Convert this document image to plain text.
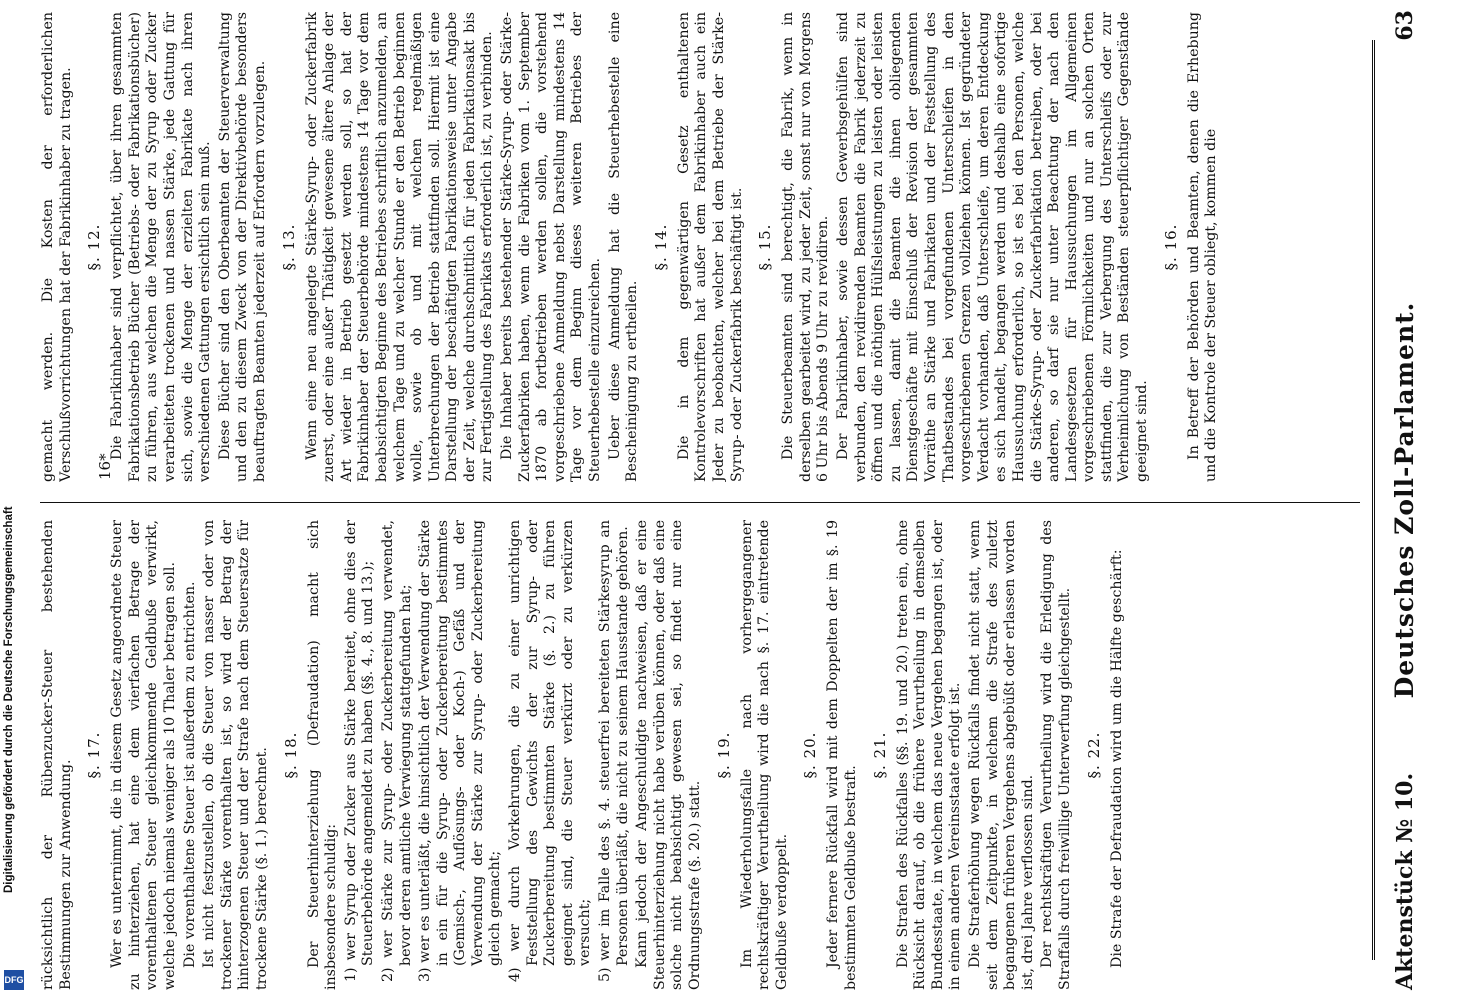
Aktenstück № 10.
Deutsches Zoll-Parlament.
63

rücksichtlich der Rübenzucker-Steuer bestehenden Bestimmungen zur Anwendung.

§. 17. Wer es unternimmt, die in diesem Gesetz angeordnete Steuer zu hinterziehen, hat eine dem vierfachen Betrage der vorenthaltenen Steuer gleichkommende Geldbuße verwirkt, welche jedoch niemals weniger als 10 Thaler betragen soll. Die vorenthaltene Steuer ist außerdem zu entrichten. Ist nicht festzustellen, ob die Steuer von nasser oder von trockener Stärke vorenthalten ist, so wird der Betrag der hinterzogenen Steuer und der Strafe nach dem Steuersatze für trockene Stärke (§. 1.) berechnet. §. 18. Der Steuerhinterziehung (Defraudation) macht sich insbesondere schuldig: 1) wer Syrup oder Zucker aus Stärke bereitet, ohne dies der Steuerbehörde angemeldet zu haben (§§. 4., 8. und 13.); 2) wer Stärke zur Syrup- oder Zuckerbereitung verwendet, bevor deren amtliche Verwiegung stattgefunden hat; 3) wer es unterläßt, die hinsichtlich der Verwendung der Stärke in ein für die Syrup- oder Zuckerbereitung bestimmtes (Gemisch-, Auflösungs- oder Koch-) Gefäß und der Verwendung der Stärke zur Syrup- oder Zuckerbereitung gleich gemacht; 4) wer durch Vorkehrungen, die zu einer unrichtigen Feststellung des Gewichts der zur Syrup- oder Zuckerbereitung bestimmten Stärke (§. 2.) zu führen geeignet sind, die Steuer verkürzt oder zu verkürzen versucht; 5) wer im Falle des §. 4. steuerfrei bereiteten Stärkesyrup an Personen überläßt, die nicht zu seinem Hausstande gehören. Kann jedoch der Angeschuldigte nachweisen, daß er eine Steuerhinterziehung nicht habe verüben können, oder daß eine solche nicht beabsichtigt gewesen sei, so findet nur eine Ordnungsstrafe (§. 20.) statt.

§. 19. Im Wiederholungsfalle nach vorhergegangener rechtskräftiger Verurtheilung wird die nach §. 17. eintretende Geldbuße verdoppelt.

§. 20. Jeder fernere Rückfall wird mit dem Doppelten der im §. 19 bestimmten Geldbuße bestraft.

§. 21. Die Strafen des Rückfalles (§§. 19. und 20.) treten ein, ohne Rücksicht darauf, ob die frühere Verurtheilung in demselben Bundesstaate, in welchem das neue Vergehen begangen ist, oder in einem anderen Vereinsstaate erfolgt ist. Die Straferhöhung wegen Rückfalls findet nicht statt, wenn seit dem Zeitpunkte, in welchem die Strafe des zuletzt begangenen früheren Vergehens abgebüßt oder erlassen worden ist, drei Jahre verflossen sind. Der rechtskräftigen Verurtheilung wird die Erledigung des Straffalls durch freiwillige Unterwerfung gleichgestellt. §. 22. Die Strafe der Defraudation wird um die Hälfte geschärft:

gemacht werden. Die Kosten der erforderlichen Verschlußvorrichtungen hat der Fabrikinhaber zu tragen. §. 12. Die Fabrikinhaber sind verpflichtet, über ihren gesammten Fabrikationsbetrieb Bücher (Betriebs- oder Fabrikationsbücher) zu führen, aus welchen die Menge der zu Syrup oder Zucker verarbeiteten trockenen und nassen Stärke, jede Gattung für sich, sowie die Menge der erzielten Fabrikate nach ihren verschiedenen Gattungen ersichtlich sein muß. Diese Bücher sind den Oberbeamten der Steuerverwaltung und den zu diesem Zweck von der Direktivbehörde besonders beauftragten Beamten jederzeit auf Erfordern vorzulegen. §. 13. Wenn eine neu angelegte Stärke-Syrup- oder Zuckerfabrik zuerst, oder eine außer Thätigkeit gewesene ältere Anlage der Art wieder in Betrieb gesetzt werden soll, so hat der Fabrikinhaber der Steuerbehörde mindestens 14 Tage vor dem beabsichtigten Beginne des Betriebes schriftlich anzumelden, an welchem Tage und zu welcher Stunde er den Betrieb beginnen wolle, sowie ob und mit welchen regelmäßigen Unterbrechungen der Betrieb stattfinden soll. Hiermit ist eine Darstellung der beschäftigten Fabrikationsweise unter Angabe der Zeit, welche durchschnittlich für jeden Fabrikationsakt bis zur Fertigstellung des Fabrikats erforderlich ist, zu verbinden. Die Inhaber bereits bestehender Stärke-Syrup- oder Stärke-Zuckerfabriken haben, wenn die Fabriken vom 1. September 1870 ab fortbetrieben werden sollen, die vorstehend vorgeschriebene Anmeldung nebst Darstellung mindestens 14 Tage vor dem Beginn dieses weiteren Betriebes der Steuerhebestelle einzureichen. Ueber diese Anmeldung hat die Steuerhebestelle eine Bescheinigung zu ertheilen.

§. 14. Die in dem gegenwärtigen Gesetz enthaltenen Kontrolevorschriften hat außer dem Fabrikinhaber auch ein Jeder zu beobachten, welcher bei dem Betriebe der Stärke-Syrup- oder Zuckerfabrik beschäftigt ist. §. 15. Die Steuerbeamten sind berechtigt, die Fabrik, wenn in derselben gearbeitet wird, zu jeder Zeit, sonst nur von Morgens 6 Uhr bis Abends 9 Uhr zu revidiren. Der Fabrikinhaber, sowie dessen Gewerbsgehülfen sind verbunden, den revidirenden Beamten die Fabrik jederzeit zu öffnen und die nöthigen Hülfsleistungen zu leisten oder leisten zu lassen, damit die Beamten die ihnen obliegenden Dienstgeschäfte mit Einschluß der Revision der gesammten Vorräthe an Stärke und Fabrikaten und der Feststellung des Thatbestandes bei vorgefundenen Unterschleifen in den vorgeschriebenen Grenzen vollziehen können. Ist gegründeter Verdacht vorhanden, daß Unterschleife, um deren Entdeckung es sich handelt, begangen werden und deshalb eine sofortige Haussuchung erforderlich, so ist es bei den Personen, welche die Stärke-Syrup- oder Zuckerfabrikation betreiben, oder bei anderen, so darf sie nur unter Beachtung der nach den Landesgesetzen für Haussuchungen im Allgemeinen vorgeschriebenen Förmlichkeiten und nur an solchen Orten stattfinden, die zur Verbergung des Unterschleifs oder zur Verheimlichung von Beständen steuerpflichtiger Gegenstände geeignet sind.

§. 16. In Betreff der Behörden und Beamten, denen die Erhebung und die Kontrole der Steuer obliegt, kommen die

16*
Digitalisierung gefördert durch die Deutsche Forschungsgemeinschaft
DFG
